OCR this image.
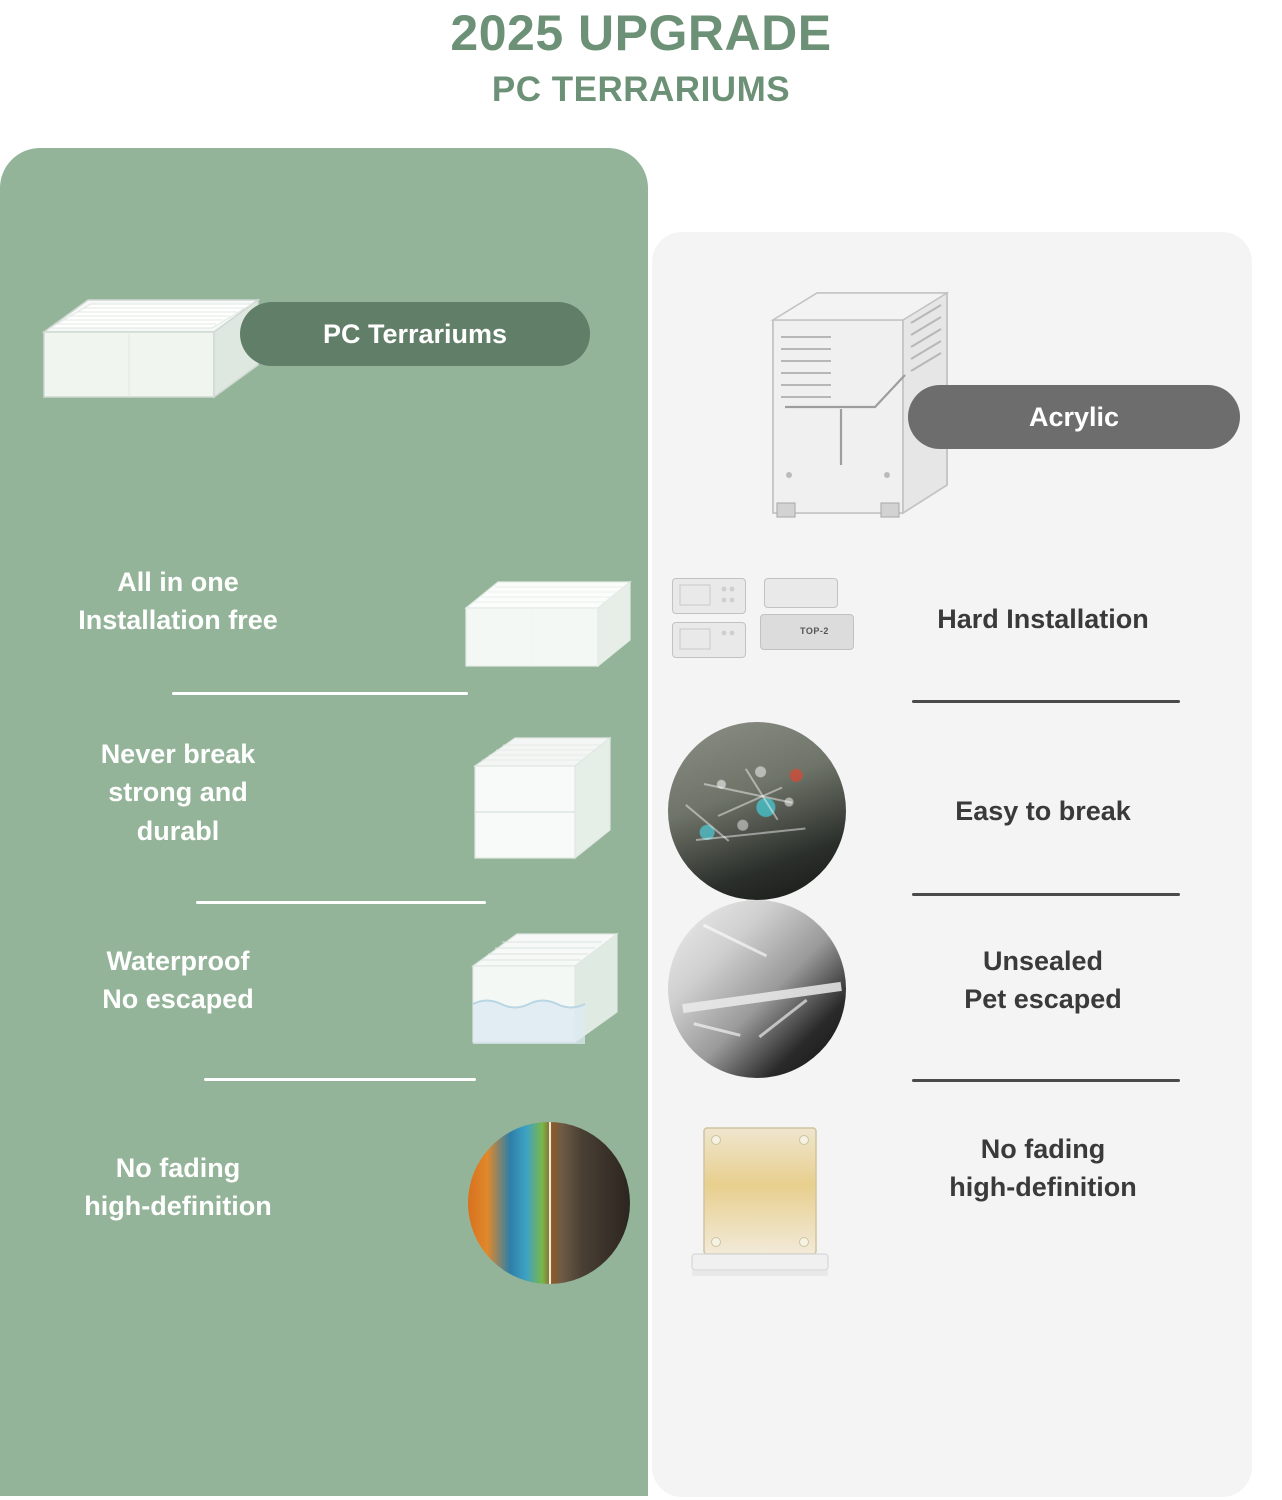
2025 UPGRADE
PC TERRARIUMS
PC Terrariums
All in one
Installation free
Never break
strong and
durabl
Waterproof
No escaped
No fading
high-definition
Acrylic
TOP-2	Hard Installation
Easy to break
Unsealed
Pet escaped
No fading
high-definition
